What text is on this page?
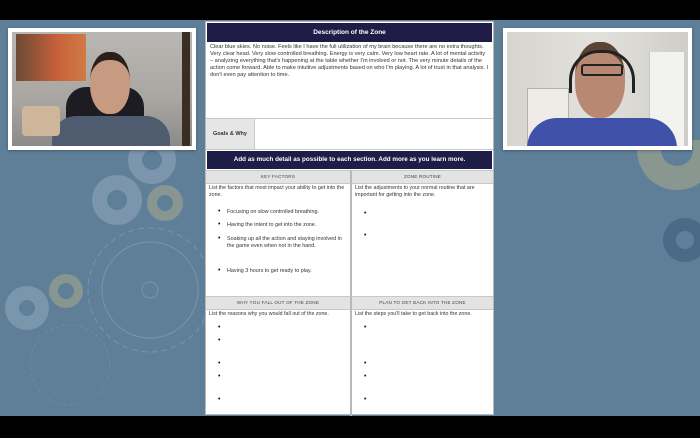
Description of the Zone
Clear blue skies. No noise. Feels like I have the full utilization of my brain because there are no extra thoughts. Very clear head. Very slow controlled breathing. Energy is very calm. Very low heart rate. A lot of mental activity – analyzing everything that's happening at the table whether I'm involved or not. The very minute details of the action come forward. Able to make intuitive adjustments based on who I'm playing. A lot of trust in that analysis. I don't even pay attention to time.
Goals & Why
Add as much detail as possible to each section. Add more as you learn more.
KEY FACTORS	ZONE ROUTINE
List the factors that most impact your ability to get into the zone.
• Focusing on slow controlled breathing.
• Having the intent to get into the zone.
• Soaking up all the action and staying involved in the game even when not in the hand.
• Having 3 hours to get ready to play.
List the adjustments to your normal routine that are important for getting into the zone.
WHY YOU FALL OUT OF THE ZONE	PLAN TO GET BACK INTO THE ZONE
List the reasons why you would fall out of the zone.	List the steps you'll take to get back into the zone.
